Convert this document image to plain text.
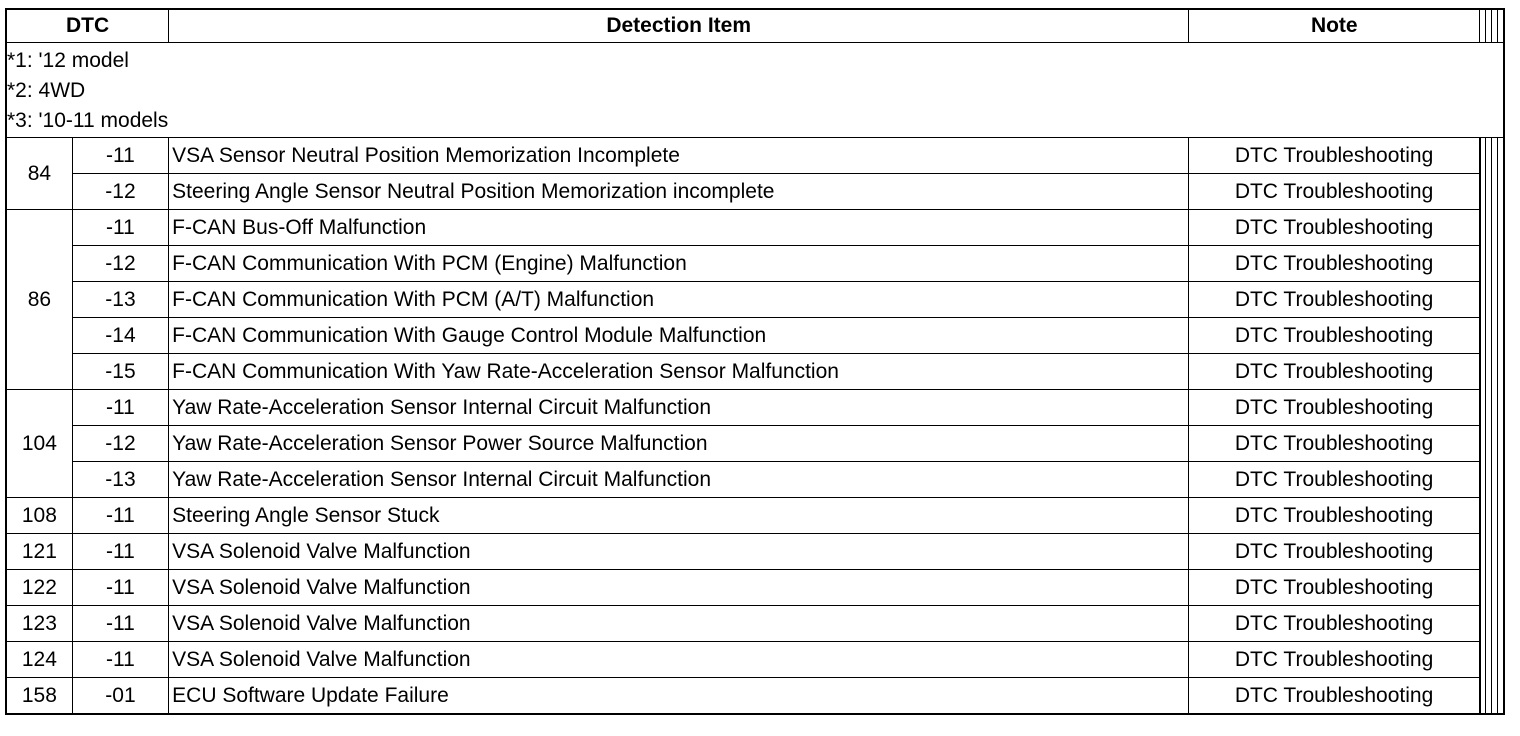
DTC		Detection Item	Note				

*1: '12 model
*2: 4WD
*3: '10-11 models							

84	-11	VSA Sensor Neutral Position Memorization Incomplete	DTC Troubleshooting				
	-12	Steering Angle Sensor Neutral Position Memorization incomplete	DTC Troubleshooting				
86	-11	F-CAN Bus-Off Malfunction	DTC Troubleshooting				
	-12	F-CAN Communication With PCM (Engine) Malfunction	DTC Troubleshooting				
	-13	F-CAN Communication With PCM (A/T) Malfunction	DTC Troubleshooting				
	-14	F-CAN Communication With Gauge Control Module Malfunction	DTC Troubleshooting				
	-15	F-CAN Communication With Yaw Rate-Acceleration Sensor Malfunction	DTC Troubleshooting				
104	-11	Yaw Rate-Acceleration Sensor Internal Circuit Malfunction	DTC Troubleshooting				
	-12	Yaw Rate-Acceleration Sensor Power Source Malfunction	DTC Troubleshooting				
	-13	Yaw Rate-Acceleration Sensor Internal Circuit Malfunction	DTC Troubleshooting				
108	-11	Steering Angle Sensor Stuck	DTC Troubleshooting				
121	-11	VSA Solenoid Valve Malfunction	DTC Troubleshooting				
122	-11	VSA Solenoid Valve Malfunction	DTC Troubleshooting				
123	-11	VSA Solenoid Valve Malfunction	DTC Troubleshooting				
124	-11	VSA Solenoid Valve Malfunction	DTC Troubleshooting				
158	-01	ECU Software Update Failure	DTC Troubleshooting				
